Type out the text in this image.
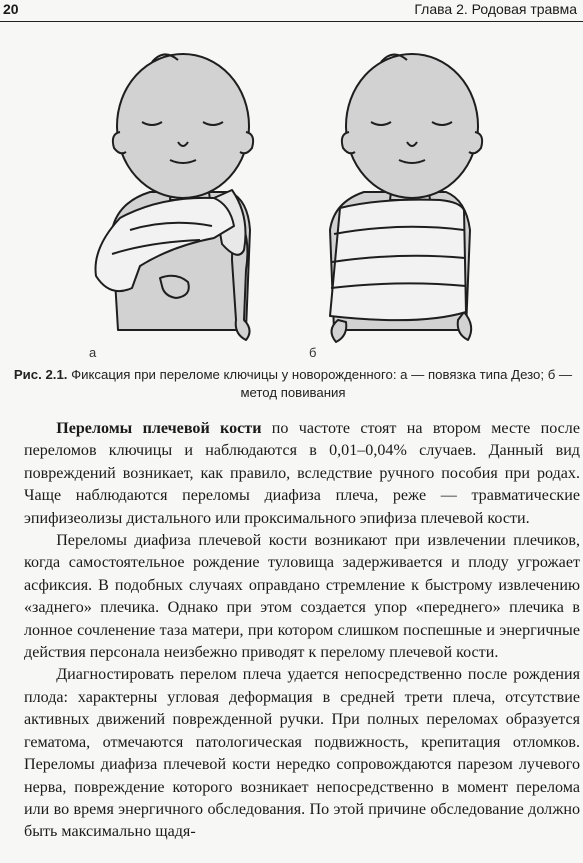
20	Глава 2. Родовая травма
а	б
Рис. 2.1. Фиксация при переломе ключицы у новорожденного: а — повязка типа Дезо; б — метод повивания

Переломы плечевой кости по частоте стоят на втором месте после переломов ключицы и наблюдаются в 0,01–0,04% случаев. Данный вид повреждений возникает, как правило, вследствие ручного пособия при родах. Чаще наблюдаются переломы диафиза плеча, реже — травматические эпифизеолизы дистального или проксимального эпифиза плечевой кости.

Переломы диафиза плечевой кости возникают при извлечении плечиков, когда самостоятельное рождение туловища задерживается и плоду угрожает асфиксия. В подобных случаях оправдано стремление к быстрому извлечению «заднего» плечика. Однако при этом создается упор «переднего» плечика в лонное сочленение таза матери, при котором слишком поспешные и энергичные действия персонала неизбежно приводят к перелому плечевой кости.

Диагностировать перелом плеча удается непосредственно после рождения плода: характерны угловая деформация в средней трети плеча, отсутствие активных движений поврежденной ручки. При полных переломах образуется гематома, отмечаются патологическая подвижность, крепитация отломков. Переломы диафиза плечевой кости нередко сопровождаются парезом лучевого нерва, повреждение которого возникает непосредственно в момент перелома или во время энергичного обследования. По этой причине обследование должно быть максимально щадя-
